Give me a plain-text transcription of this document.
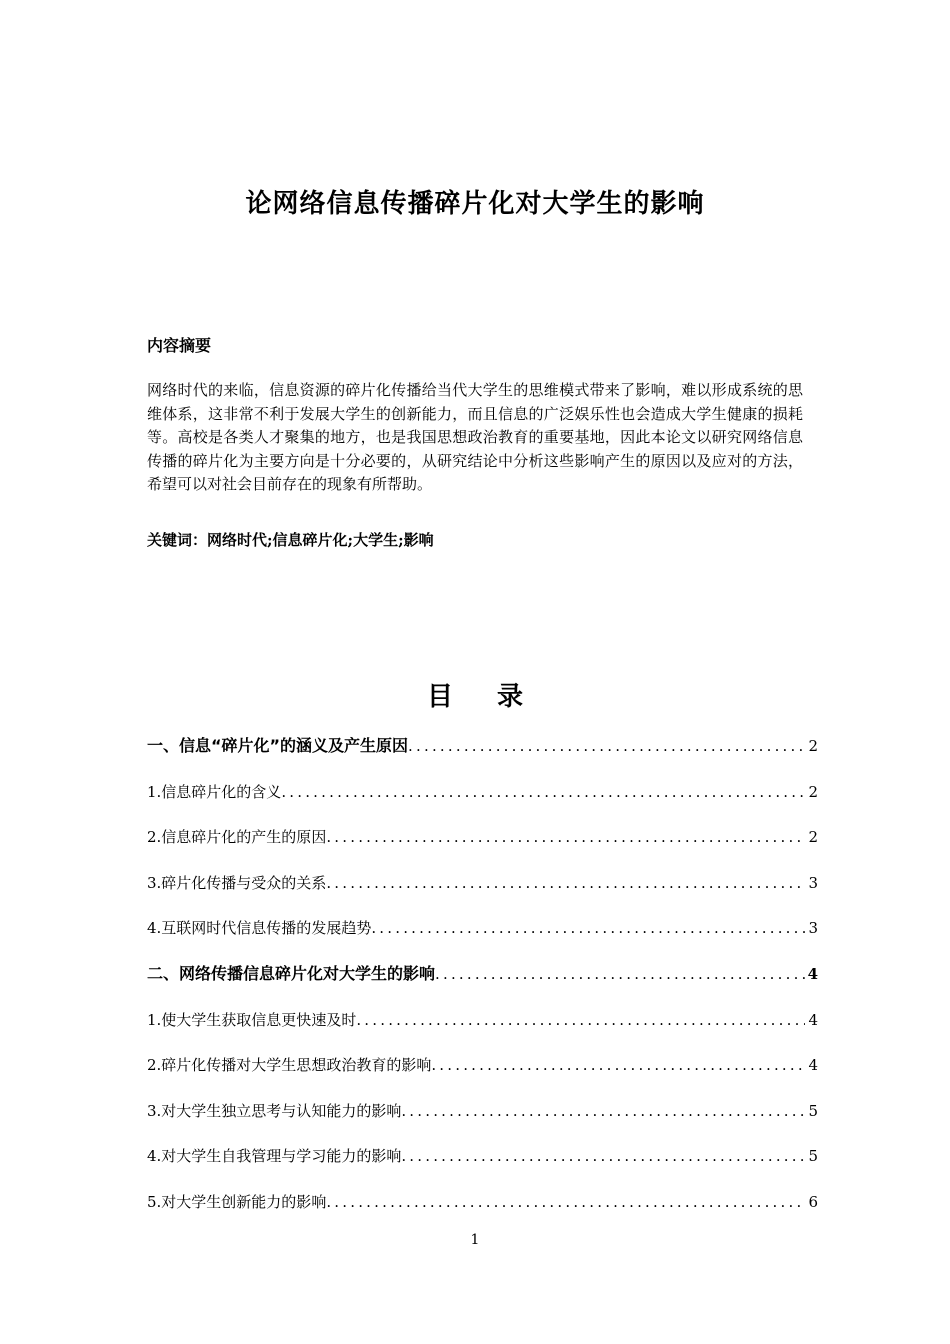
论网络信息传播碎片化对大学生的影响

内容摘要

网络时代的来临，信息资源的碎片化传播给当代大学生的思维模式带来了影响，难以形成系统的思维体系，这非常不利于发展大学生的创新能力，而且信息的广泛娱乐性也会造成大学生健康的损耗等。高校是各类人才聚集的地方，也是我国思想政治教育的重要基地，因此本论文以研究网络信息传播的碎片化为主要方向是十分必要的，从研究结论中分析这些影响产生的原因以及应对的方法，希望可以对社会目前存在的现象有所帮助。

关键词：网络时代;信息碎片化;大学生;影响

目 录
一、信息“碎片化”的涵义及产生原因 .....	2
1.信息碎片化的含义 .....	2
2.信息碎片化的产生的原因 .....	2
3.碎片化传播与受众的关系 .....	3
4.互联网时代信息传播的发展趋势 .....	3
二、网络传播信息碎片化对大学生的影响 .....	4
1.使大学生获取信息更快速及时 .....	4
2.碎片化传播对大学生思想政治教育的影响 .....	4
3.对大学生独立思考与认知能力的影响 .....	5
4.对大学生自我管理与学习能力的影响 .....	5
5.对大学生创新能力的影响 .....	6

1
